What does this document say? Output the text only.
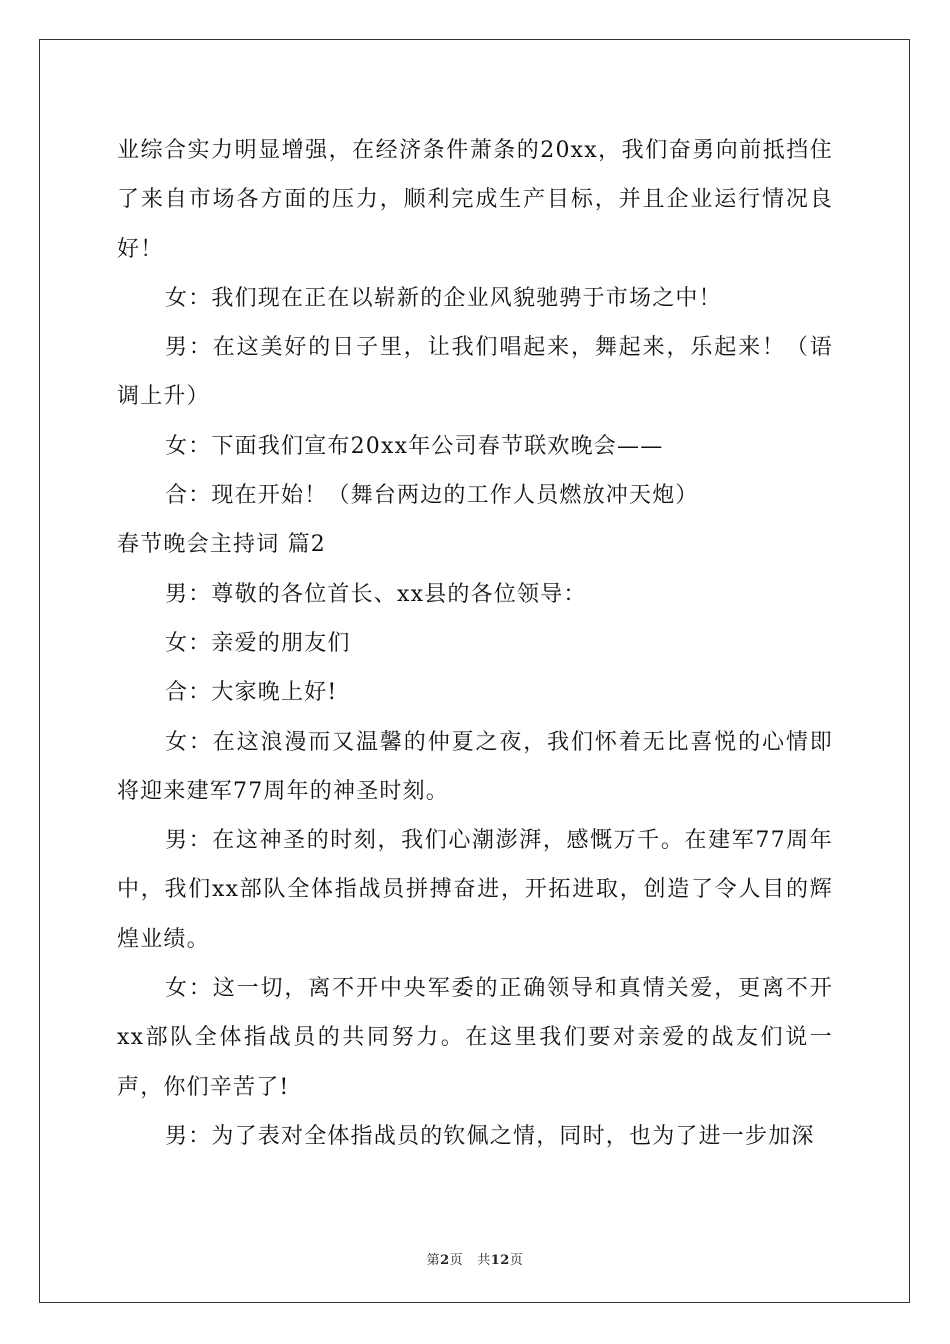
业综合实力明显增强，在经济条件萧条的20xx，我们奋勇向前抵挡住了来自市场各方面的压力，顺利完成生产目标，并且企业运行情况良好！

女：我们现在正在以崭新的企业风貌驰骋于市场之中！

男：在这美好的日子里，让我们唱起来，舞起来，乐起来！（语调上升）

女：下面我们宣布20xx年公司春节联欢晚会——

合：现在开始！（舞台两边的工作人员燃放冲天炮）

春节晚会主持词 篇2

男：尊敬的各位首长、xx县的各位领导：

女：亲爱的朋友们

合：大家晚上好!

女：在这浪漫而又温馨的仲夏之夜，我们怀着无比喜悦的心情即将迎来建军77周年的神圣时刻。

男：在这神圣的时刻，我们心潮澎湃，感慨万千。在建军77周年中，我们xx部队全体指战员拼搏奋进，开拓进取，创造了令人目的辉煌业绩。

女：这一切，离不开中央军委的正确领导和真情关爱，更离不开xx部队全体指战员的共同努力。在这里我们要对亲爱的战友们说一声，你们辛苦了!

男：为了表对全体指战员的钦佩之情，同时，也为了进一步加深

第2页 共12页
